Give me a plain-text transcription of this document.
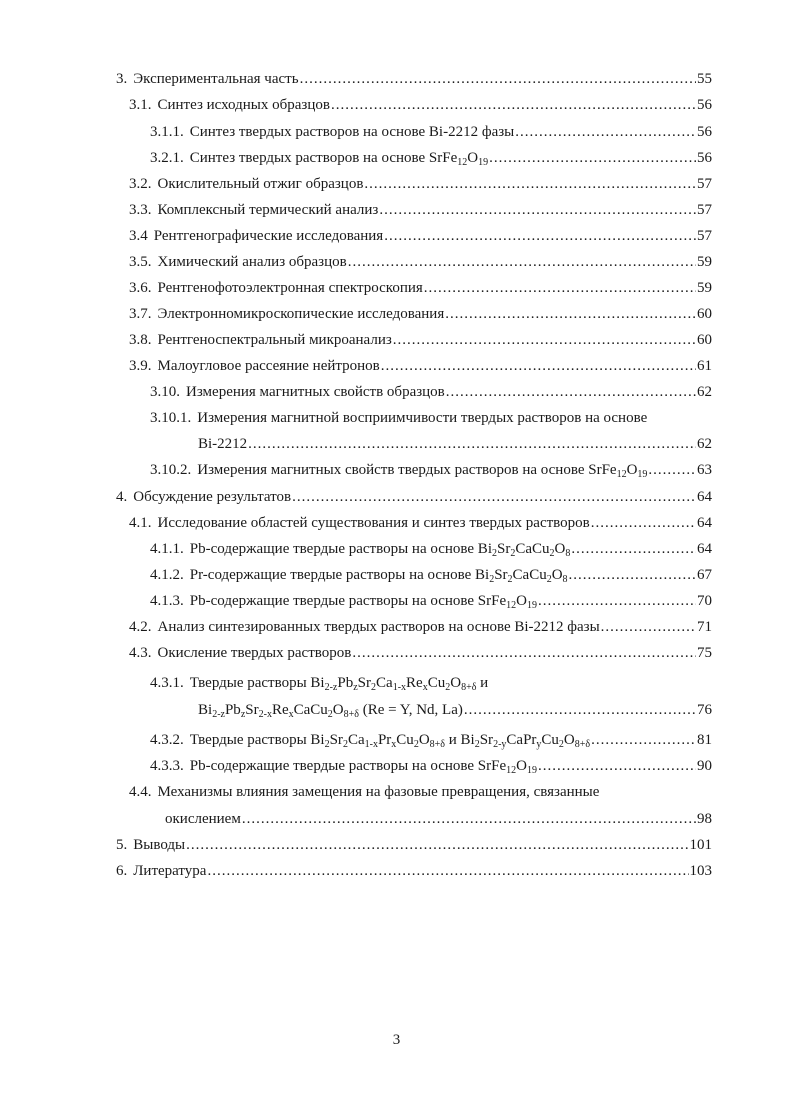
3. Экспериментальная часть .....	55
3.1. Синтез исходных образцов .....	56
3.1.1. Синтез твердых растворов на основе Bi-2212 фазы .....	56
3.2.1. Синтез твердых растворов на основе $SrFe_{12}O_{19}$ .....	56
3.2. Окислительный отжиг образцов .....	57
3.3. Комплексный термический анализ .....	57
3.4 Рентгенографические исследования .....	57
3.5. Химический анализ образцов .....	59
3.6. Рентгенофотоэлектронная спектроскопия .....	59
3.7. Электронномикроскопические исследования .....	60
3.8. Рентгеноспектральный микроанализ .....	60
3.9. Малоугловое рассеяние нейтронов .....	61
3.10. Измерения магнитных свойств образцов .....	62
3.10.1. Измерения магнитной восприимчивости твердых растворов на основе
Bi-2212 .....	62
3.10.2. Измерения магнитных свойств твердых растворов на основе $SrFe_{12}O_{19}$ .....	63
4. Обсуждение результатов .....	64
4.1. Исследование областей существования и синтез твердых растворов .....	64
4.1.1. Pb-содержащие твердые растворы на основе $Bi_2Sr_2CaCu_2O_8$ .....	64
4.1.2. Pr-содержащие твердые растворы на основе $Bi_2Sr_2CaCu_2O_8$ .....	67
4.1.3. Pb-содержащие твердые растворы на основе $SrFe_{12}O_{19}$ .....	70
4.2. Анализ синтезированных твердых растворов на основе Bi-2212 фазы .....	71
4.3. Окисление твердых растворов .....	75
4.3.1. Твердые растворы $Bi_{2-z}Pb_zSr_2Ca_{1-x}Re_xCu_2O_{8+\delta}$ и
$Bi_{2-z}Pb_zSr_{2-x}Re_xCaCu_2O_{8+\delta}$ (Re = Y, Nd, La) .....	76
4.3.2. Твердые растворы $Bi_2Sr_2Ca_{1-x}Pr_xCu_2O_{8+\delta}$ и $Bi_2Sr_{2-y}CaPr_yCu_2O_{8+\delta}$ .....	81
4.3.3. Pb-содержащие твердые растворы на основе $SrFe_{12}O_{19}$ .....	90
4.4. Механизмы влияния замещения на фазовые превращения, связанные
окислением .....	98
5. Выводы .....	101
6. Литература .....	103
3
